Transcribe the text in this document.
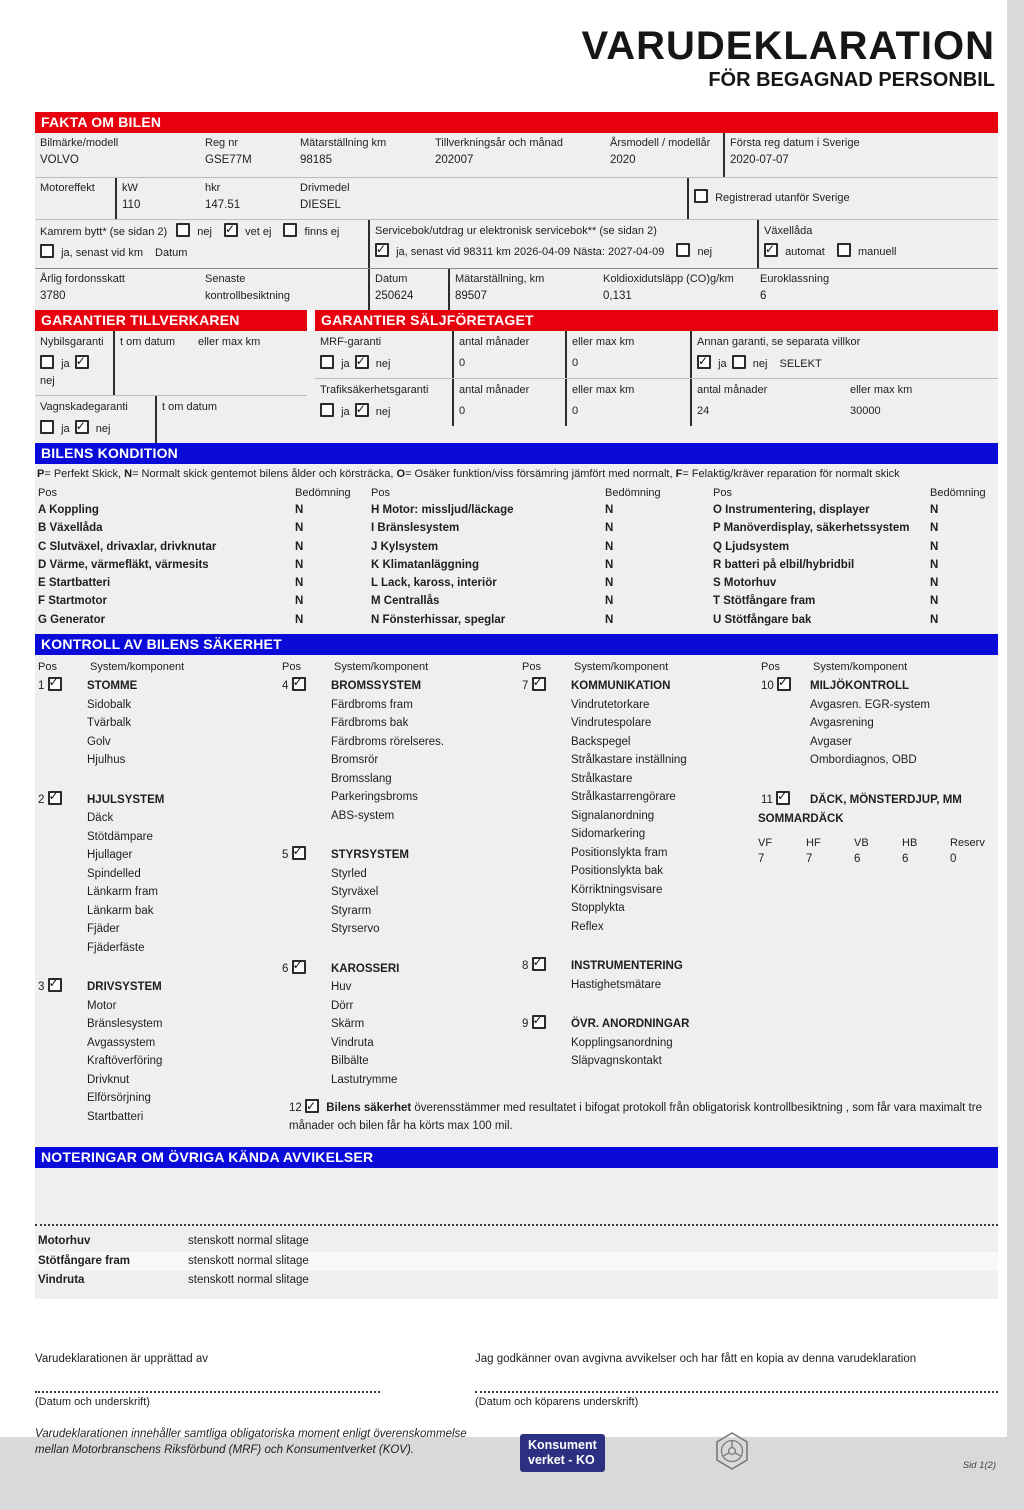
VARUDEKLARATION
FÖR BEGAGNAD PERSONBIL
FAKTA OM BILEN
Bilmärke/modell
VOLVO
Reg nr
GSE77M
Mätarställning km
98185
Tillverkningsår och månad
202007
Årsmodell / modellår
2020
Första reg datum i Sverige
2020-07-07
Motoreffekt	kW
110
hkr
147.51
Drivmedel
DIESEL
Registrerad utanför Sverige
Kamrem bytt* (se sidan 2)	nej ✓	vet ej	finns ej
ja, senast vid km Datum
Servicebok/utdrag ur elektronisk servicebok** (se sidan 2)
✓ ja, senast vid 98311 km 2026-04-09 Nästa: 2027-04-09	nej
Växellåda
✓ automat	manuell
Årlig fordonsskatt
3780
Senaste
kontrollbesiktning
Datum
250624
Mätarställning, km
89507
Koldioxidutsläpp (CO)g/km
0,131
Euroklassning
6
GARANTIER TILLVERKAREN	GARANTIER SÄLJFÖRETAGET
Nybilsgaranti
ja ✓ nej
t om datum	eller max km
Vagnskadegaranti
ja ✓ nej
t om datum
MRF-garanti
ja ✓ nej
antal månader
0
eller max km
0
Annan garanti, se separata villkor
✓ ja nej SELEKT
Trafiksäkerhetsgaranti
ja ✓ nej
antal månader
0
eller max km
0
antal månader
24
eller max km
30000
BILENS KONDITION
P= Perfekt Skick, N= Normalt skick gentemot bilens ålder och körsträcka, O= Osäker funktion/viss försämring jämfört med normalt, F= Felaktig/kräver reparation för normalt skick
Pos	Bedömning
A Koppling	N
B Växellåda	N
C Slutväxel, drivaxlar, drivknutar	N
D Värme, värmefläkt, värmesits	N
E Startbatteri	N
F Startmotor	N
G Generator	N
Pos	Bedömning
H Motor: missljud/läckage	N
I Bränslesystem	N
J Kylsystem	N
K Klimatanläggning	N
L Lack, kaross, interiör	N
M Centrallås	N
N Fönsterhissar, speglar	N
Pos	Bedömning
O Instrumentering, displayer	N
P Manöverdisplay, säkerhetssystem	N
Q Ljudsystem	N
R batteri på elbil/hybridbil	N
S Motorhuv	N
T Stötfångare fram	N
U Stötfångare bak	N
KONTROLL AV BILENS SÄKERHET
Pos	System/komponent
1 ✓	STOMME
Sidobalk
Tvärbalk
Golv
Hjulhus
2 ✓	HJULSYSTEM
Däck
Stötdämpare
Hjullager
Spindelled
Länkarm fram
Länkarm bak
Fjäder
Fjäderfäste
3 ✓	DRIVSYSTEM
Motor
Bränslesystem
Avgassystem
Kraftöverföring
Drivknut
Elförsörjning
Startbatteri
Pos	System/komponent
4 ✓	BROMSSYSTEM
Färdbroms fram
Färdbroms bak
Färdbroms rörelseres.
Bromsrör
Bromsslang
Parkeringsbroms
ABS-system
5 ✓	STYRSYSTEM
Styrled
Styrväxel
Styrarm
Styrservo
6 ✓	KAROSSERI
Huv
Dörr
Skärm
Vindruta
Bilbälte
Lastutrymme
12 ✓ Bilens säkerhet överensstämmer med resultatet i bifogat protokoll från obligatorisk kontrollbesiktning , som får vara maximalt tre månader och bilen får ha körts max 100 mil.
Pos	System/komponent
7 ✓	KOMMUNIKATION
Vindrutetorkare
Vindrutespolare
Backspegel
Strålkastare inställning
Strålkastare
Strålkastarrengörare
Signalanordning
Sidomarkering
Positionslykta fram
Positionslykta bak
Körriktningsvisare
Stopplykta
Reflex
8 ✓	INSTRUMENTERING
Hastighetsmätare
9 ✓	ÖVR. ANORDNINGAR
Kopplingsanordning
Släpvagnskontakt
Pos	System/komponent
10 ✓	MILJÖKONTROLL
Avgasren. EGR-system
Avgasrening
Avgaser
Ombordiagnos, OBD
11 ✓	DÄCK, MÖNSTERDJUP, MM
SOMMARDÄCK
VF
7
HF
7
VB
6
HB
6
Reserv
0
NOTERINGAR OM ÖVRIGA KÄNDA AVVIKELSER
Motorhuv	stenskott normal slitage
Stötfångare fram	stenskott normal slitage
Vindruta	stenskott normal slitage
Varudeklarationen är upprättad av
(Datum och underskrift)
Jag godkänner ovan avgivna avvikelser och har fått en kopia av denna varudeklaration
(Datum och köparens underskrift)
Varudeklarationen innehåller samtliga obligatoriska moment enligt överenskommelse
mellan Motorbranschens Riksförbund (MRF) och Konsumentverket (KOV).	Konsument
verket - KO	Sid 1(2)
